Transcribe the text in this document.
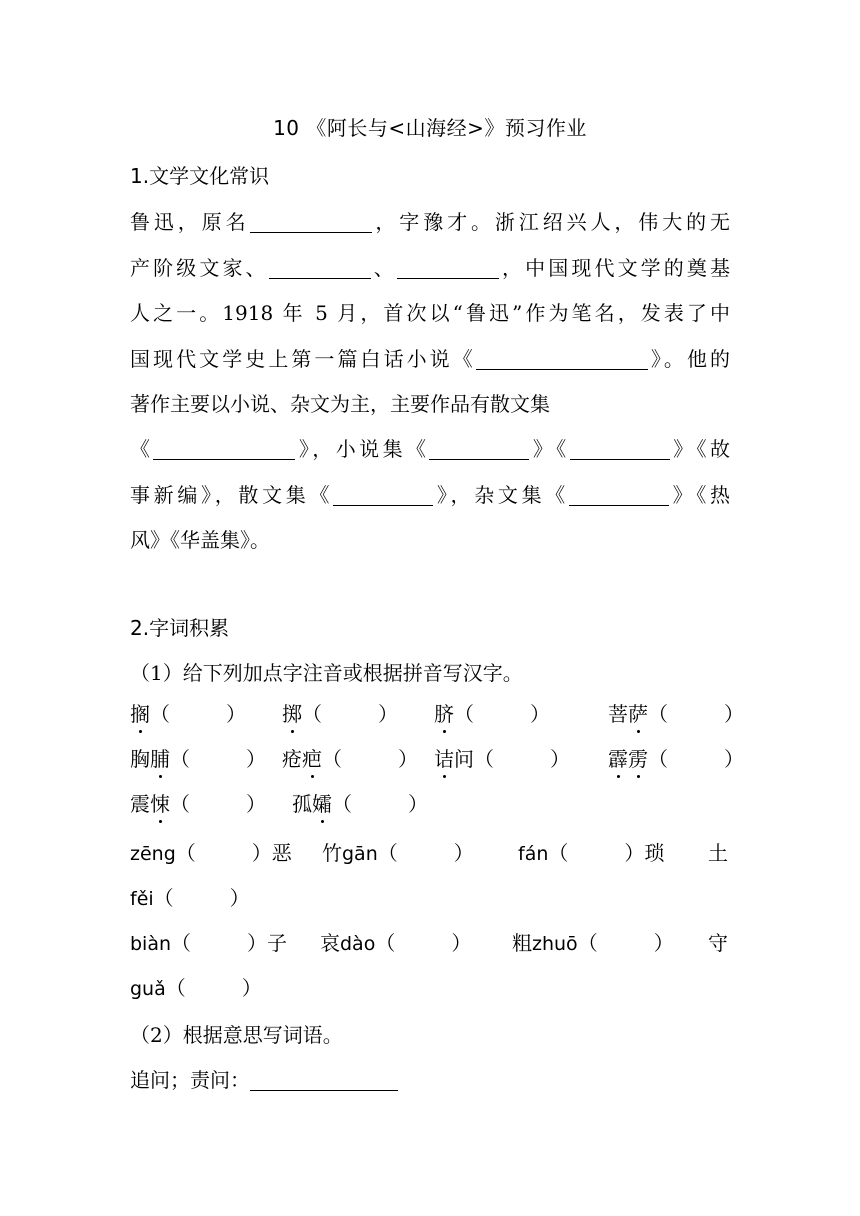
10 《阿长与<山海经>》预习作业
1.文学文化常识
鲁迅，原名	，字豫才。浙江绍兴人，伟大的无
产阶级文家、	、	，中国现代文学的奠基
人之一。1918 年 5 月，首次以“鲁迅”作为笔名，发表了中
国现代文学史上第一篇白话小说《	》。他的
著作主要以小说、杂文为主，主要作品有散文集
《	》，小说集《	》《	》《故
事新编》，散文集《	》，杂文集《	》《热
风》《华盖集》。
2.字词积累
（1）给下列加点字注音或根据拼音写汉字。
搁（	） 掷（	） 脐（	）	菩萨（	）
胸脯（	） 疮疤（	） 诘问（	） 霹雳（	）
震悚（	） 孤孀（	）
zēng（	）恶 竹gān（	） fán（	）琐 土
fěi（	）
biàn（	）子 哀dào（	） 粗zhuō（	） 守
guǎ（	）
（2）根据意思写词语。
追问；责问：
